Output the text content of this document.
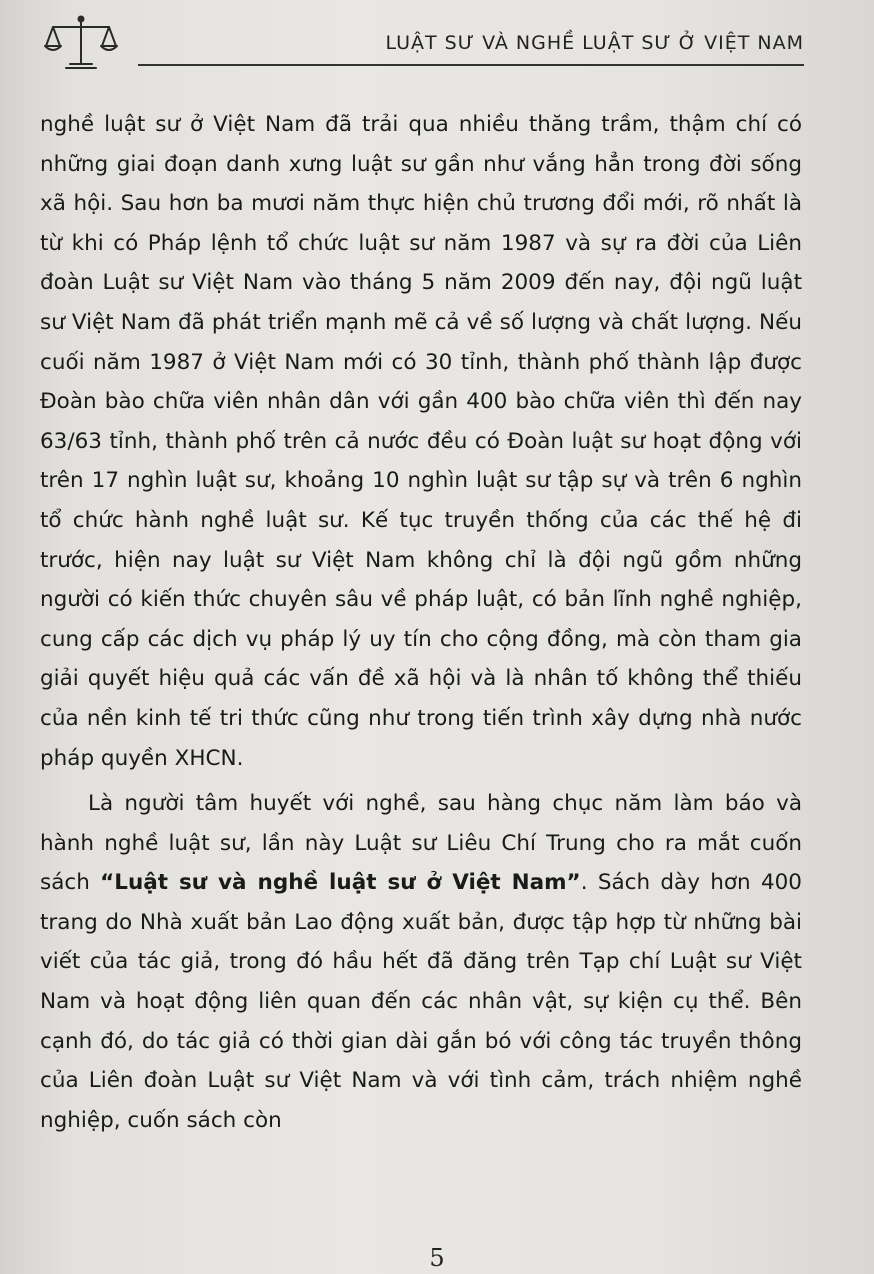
LUẬT SƯ VÀ NGHỀ LUẬT SƯ Ở VIỆT NAM

nghề luật sư ở Việt Nam đã trải qua nhiều thăng trầm, thậm chí có những giai đoạn danh xưng luật sư gần như vắng hẳn trong đời sống xã hội. Sau hơn ba mươi năm thực hiện chủ trương đổi mới, rõ nhất là từ khi có Pháp lệnh tổ chức luật sư năm 1987 và sự ra đời của Liên đoàn Luật sư Việt Nam vào tháng 5 năm 2009 đến nay, đội ngũ luật sư Việt Nam đã phát triển mạnh mẽ cả về số lượng và chất lượng. Nếu cuối năm 1987 ở Việt Nam mới có 30 tỉnh, thành phố thành lập được Đoàn bào chữa viên nhân dân với gần 400 bào chữa viên thì đến nay 63/63 tỉnh, thành phố trên cả nước đều có Đoàn luật sư hoạt động với trên 17 nghìn luật sư, khoảng 10 nghìn luật sư tập sự và trên 6 nghìn tổ chức hành nghề luật sư. Kế tục truyền thống của các thế hệ đi trước, hiện nay luật sư Việt Nam không chỉ là đội ngũ gồm những người có kiến thức chuyên sâu về pháp luật, có bản lĩnh nghề nghiệp, cung cấp các dịch vụ pháp lý uy tín cho cộng đồng, mà còn tham gia giải quyết hiệu quả các vấn đề xã hội và là nhân tố không thể thiếu của nền kinh tế tri thức cũng như trong tiến trình xây dựng nhà nước pháp quyền XHCN.

Là người tâm huyết với nghề, sau hàng chục năm làm báo và hành nghề luật sư, lần này Luật sư Liêu Chí Trung cho ra mắt cuốn sách “Luật sư và nghề luật sư ở Việt Nam”. Sách dày hơn 400 trang do Nhà xuất bản Lao động xuất bản, được tập hợp từ những bài viết của tác giả, trong đó hầu hết đã đăng trên Tạp chí Luật sư Việt Nam và hoạt động liên quan đến các nhân vật, sự kiện cụ thể. Bên cạnh đó, do tác giả có thời gian dài gắn bó với công tác truyền thông của Liên đoàn Luật sư Việt Nam và với tình cảm, trách nhiệm nghề nghiệp, cuốn sách còn

5
